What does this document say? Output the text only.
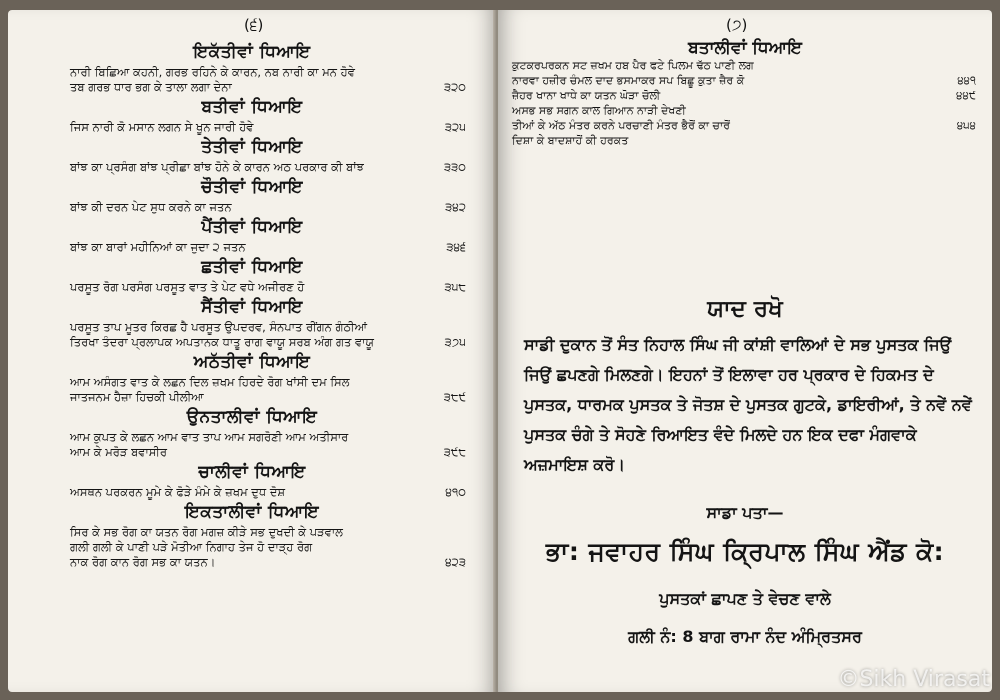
(੬)
ਇਕੱਤੀਵਾਂ ਧਿਆਇ
ਨਾਰੀ ਬਿਛਿਆ ਕਹਨੀ, ਗਰਭ ਰਹਿਨੇ ਕੇ ਕਾਰਨ, ਨਬ ਨਾਰੀ ਕਾ ਮਨ ਹੋਵੇ
ਤਬ ਗਰਭ ਧਾਰ ਭਗ ਕੇ ਤਾਲਾ ਲਗਾ ਦੇਨਾ	੩੨੦
ਬਤੀਵਾਂ ਧਿਆਇ
ਜਿਸ ਨਾਰੀ ਕੋ ਮਸਾਨ ਲਗਨ ਸੇ ਖੂਨ ਜਾਰੀ ਹੋਵੇ	੩੨੫
ਤੇਤੀਵਾਂ ਧਿਆਇ
ਬਾਂਝ ਕਾ ਪ੍ਰਸੰਗ ਬਾਂਝ ਪ੍ਰੀਛਾ ਬਾਂਝ ਹੋਨੇ ਕੇ ਕਾਰਨ ਅਠ ਪਰਕਾਰ ਕੀ ਬਾਂਝ	੩੩੦
ਚੌਤੀਵਾਂ ਧਿਆਇ
ਬਾਂਝ ਕੀ ਦਰਨ ਪੇਟ ਸੁਧ ਕਰਨੇ ਕਾ ਜਤਨ	੩੪੨
ਪੈਂਤੀਵਾਂ ਧਿਆਇ
ਬਾਂਝ ਕਾ ਬਾਰਾਂ ਮਹੀਨਿਆਂ ਕਾ ਜੁਦਾ ੨ ਜਤਨ	੩੪੬
ਛਤੀਵਾਂ ਧਿਆਇ
ਪਰਸੂਤ ਰੋਗ ਪਰਸੰਗ ਪਰਸੂਤ ਵਾਤ ਤੇ ਪੇਟ ਵਧੇ ਅਜੀਰਣ ਹੋ	੩੫੮
ਸੈਂਤੀਵਾਂ ਧਿਆਇ
ਪਰਸੂਤ ਤਾਪ ਮੂਤਰ ਕਿਰਛ ਹੈ ਪਰਸੂਤ ਉਪਦਰਵ, ਸੰਨਪਾਤ ਰੀਂਗਨ ਗੰਠੀਆਂ
ਤਿਰਖਾ ਤੰਦਰਾ ਪ੍ਰਲਾਪਕ ਅਪਤਾਨਕ ਧਾਤੂ ਰਾਗ ਵਾਯੂ ਸਰਬ ਅੰਗ ਗਤ ਵਾਯੂ	੩੭੫
ਅਠੱਤੀਵਾਂ ਧਿਆਇ
ਆਮ ਅਸੰਗਤ ਵਾਤ ਕੇ ਲਛਨ ਦਿਲ ਜ਼ਖਮ ਹਿਰਦੇ ਰੋਗ ਖਾਂਸੀ ਦਮ ਸਿਲ
ਜਾਤਜਨਮ ਹੈਜ਼ਾ ਹਿਚਕੀ ਪੀਲੀਆ	੩੮੯
ਉਨਤਾਲੀਵਾਂ ਧਿਆਇ
ਆਮ ਕੁਪਤ ਕੇ ਲਛਨ ਆਮ ਵਾਤ ਤਾਪ ਆਮ ਸਗਰੋਣੀ ਆਮ ਅਤੀਸਾਰ
ਆਮ ਕੇ ਮਰੋੜ ਬਵਾਸੀਰ	੩੯੮
ਚਾਲੀਵਾਂ ਧਿਆਇ
ਅਸਥਨ ਪਰਕਰਨ ਮੂਮੇ ਕੇ ਫੋੜੇ ਮੰਮੇ ਕੇ ਜ਼ਖਮ ਦੁਧ ਦੋਸ਼	੪੧੦
ਇਕਤਾਲੀਵਾਂ ਧਿਆਇ
ਸਿਰ ਕੇ ਸਭ ਰੋਗ ਕਾ ਯਤਨ ਰੋਗ ਮਗਜ਼ ਕੀੜੇ ਸਭ ਦੁਖਦੀ ਕੇ ਪੜਵਾਲ
ਗਲੀ ਗਲੀ ਕੇ ਪਾਣੀ ਪੜੇ ਮੋਤੀਆ ਨਿਗਾਹ ਤੇਜ ਹੋ ਦਾੜ੍ਹ ਰੋਗ
ਨਾਕ ਰੋਗ ਕਾਨ ਰੋਗ ਸਭ ਕਾ ਯਤਨ।	੪੨੩
(੭)
ਬਤਾਲੀਵਾਂ ਧਿਆਇ
ਕੁਟਕਰਪਰਕਨ ਸਟ ਜ਼ਖਮ ਹਬ ਪੈਰ ਫਟੇ ਪਿਲਮ ਢੱਠ ਪਾਣੀ ਲਗ
ਨਾਰਵਾ ਹਜ਼ੀਰ ਚੰਮਲ ਦਾਦ ਭਸਮਾਕਰ ਸਪ ਬਿਛੂ ਕੁਤਾ ਜ਼ੈਰ ਕੋ	੪੪੧
ਜ਼ੈਹਰ ਖਾਨਾ ਖਾਧੇ ਕਾ ਯਤਨ ਘੋੜਾ ਚੋਲੀ	੪੪੯
ਅਸਭ ਸਭ ਸਗਨ ਕਾਲ ਗਿਆਨ ਨਾੜੀ ਦੇਖਣੀ
ਤੀਆਂ ਕੇ ਅੱਠ ਮੰਤਰ ਕਰਨੇ ਪਰਚਾਣੀ ਮੰਤਰ ਭੈਰੋਂ ਕਾ ਚਾਰੋਂ	੪੫੪
ਦਿਸ਼ਾ ਕੇ ਬਾਦਸ਼ਾਹੋਂ ਕੀ ਹਰਕਤ
ਯਾਦ ਰਖੋ
ਸਾਡੀ ਦੁਕਾਨ ਤੋਂ ਸੰਤ ਨਿਹਾਲ ਸਿੰਘ ਜੀ ਕਾਂਸ਼ੀ ਵਾਲਿਆਂ ਦੇ ਸਭ ਪੁਸਤਕ ਜਿਉਂ ਜਿਉਂ ਛਪਣਗੇ ਮਿਲਣਗੇ। ਇਹਨਾਂ ਤੋਂ ਇਲਾਵਾ ਹਰ ਪ੍ਰਕਾਰ ਦੇ ਹਿਕਮਤ ਦੇ ਪੁਸਤਕ, ਧਾਰਮਕ ਪੁਸਤਕ ਤੇ ਜੋਤਸ਼ ਦੇ ਪੁਸਤਕ ਗੁਟਕੇ, ਡਾਇਰੀਆਂ, ਤੇ ਨਵੇਂ ਨਵੇਂ ਪੁਸਤਕ ਚੰਗੇ ਤੇ ਸੋਹਣੇ ਰਿਆਇਤ ਵੰਦੇ ਮਿਲਦੇ ਹਨ ਇਕ ਦਫਾ ਮੰਗਵਾਕੇ ਅਜ਼ਮਾਇਸ਼ ਕਰੋ।
ਸਾਡਾ ਪਤਾ—
ਭਾ: ਜਵਾਹਰ ਸਿੰਘ ਕ੍ਰਿਪਾਲ ਸਿੰਘ ਐਂਡ ਕੋ:
ਪੁਸਤਕਾਂ ਛਾਪਣ ਤੇ ਵੇਚਣ ਵਾਲੇ
ਗਲੀ ਨੰ: 8 ਬਾਗ ਰਾਮਾ ਨੰਦ ਅੰਮ੍ਰਿਤਸਰ
©Sikh Virasat
